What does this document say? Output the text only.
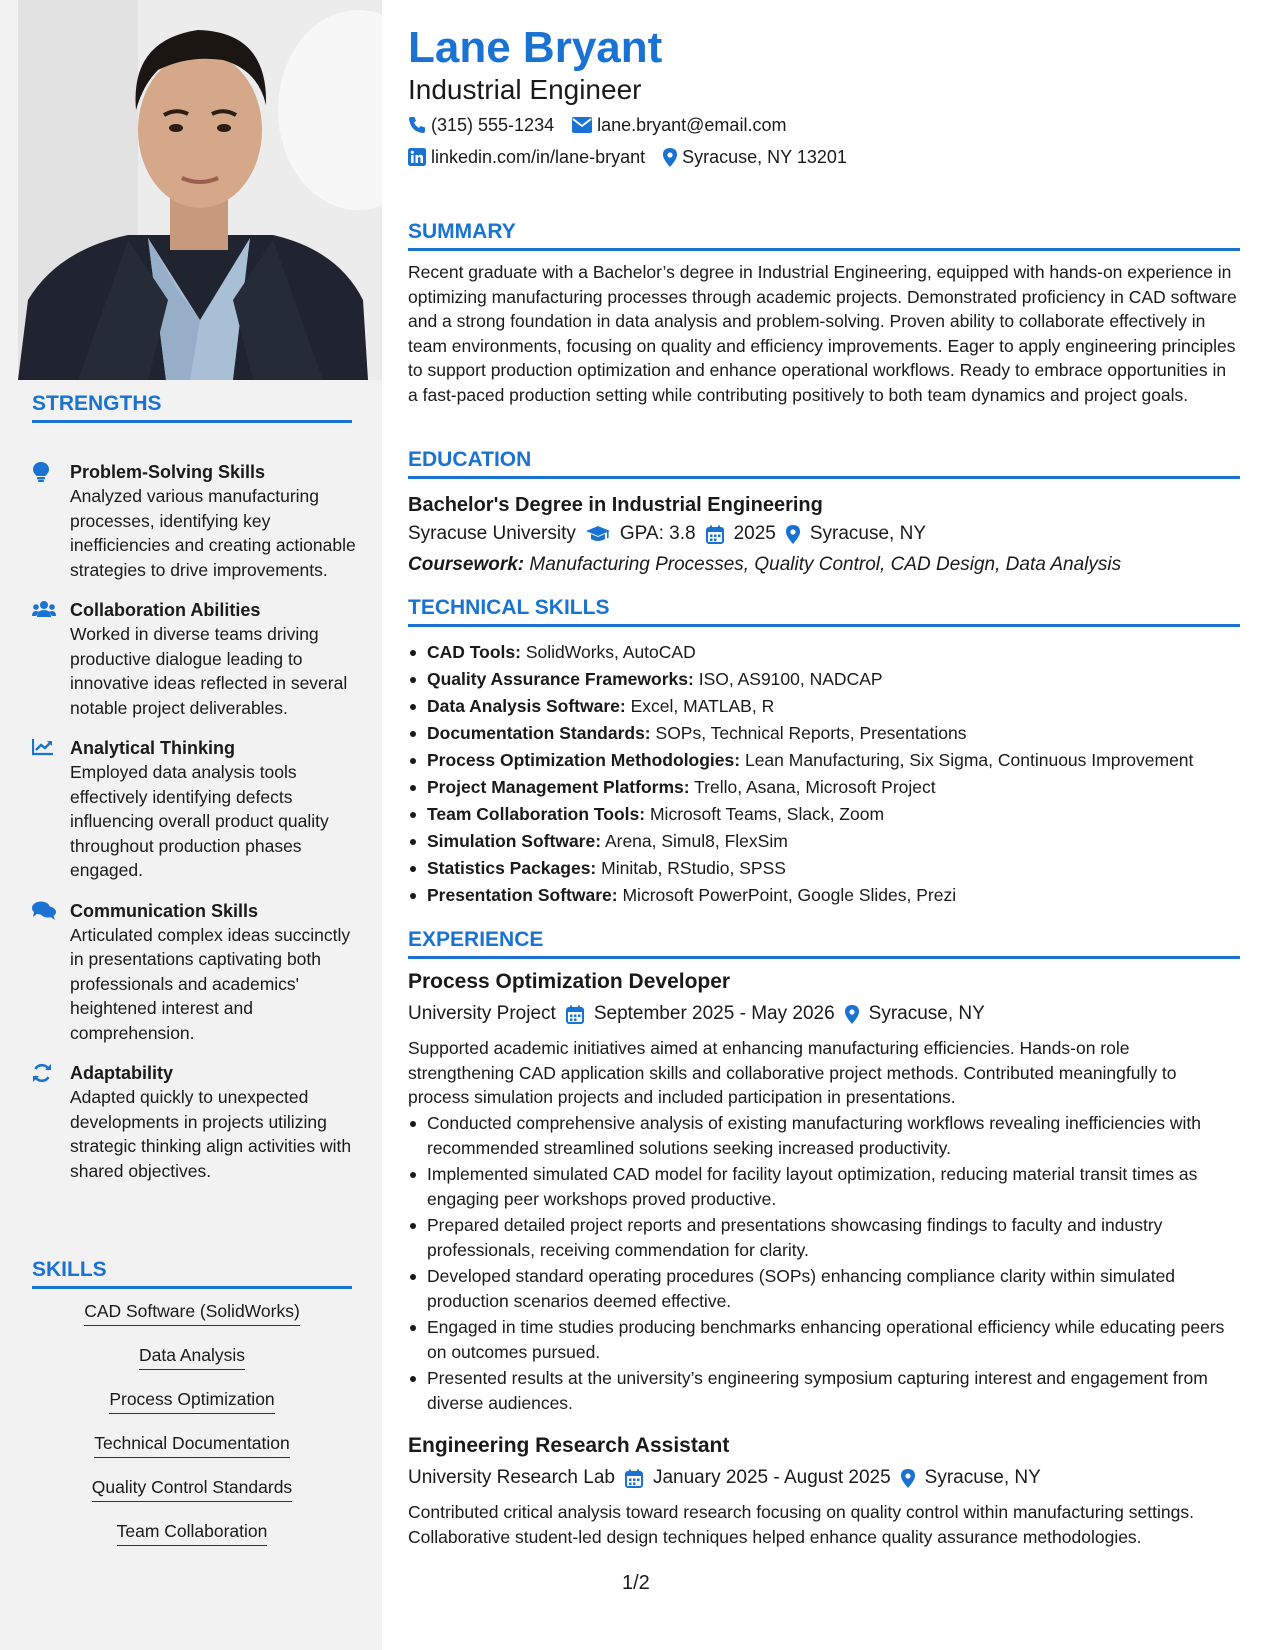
STRENGTHS
Problem-Solving Skills
Analyzed various manufacturing processes, identifying key inefficiencies and creating actionable strategies to drive improvements.
Collaboration Abilities
Worked in diverse teams driving productive dialogue leading to innovative ideas reflected in several notable project deliverables.
Analytical Thinking
Employed data analysis tools effectively identifying defects influencing overall product quality throughout production phases engaged.
Communication Skills
Articulated complex ideas succinctly in presentations captivating both professionals and academics' heightened interest and comprehension.
Adaptability
Adapted quickly to unexpected developments in projects utilizing strategic thinking align activities with shared objectives.
SKILLS
CAD Software (SolidWorks)
Data Analysis
Process Optimization
Technical Documentation
Quality Control Standards
Team Collaboration
Lane Bryant
Industrial Engineer
(315) 555-1234 lane.bryant@email.com
linkedin.com/in/lane-bryant Syracuse, NY 13201
SUMMARY
Recent graduate with a Bachelor’s degree in Industrial Engineering, equipped with hands-on experience in optimizing manufacturing processes through academic projects. Demonstrated proficiency in CAD software and a strong foundation in data analysis and problem-solving. Proven ability to collaborate effectively in team environments, focusing on quality and efficiency improvements. Eager to apply engineering principles to support production optimization and enhance operational workflows. Ready to embrace opportunities in a fast-paced production setting while contributing positively to both team dynamics and project goals.
EDUCATION
Bachelor's Degree in Industrial Engineering
Syracuse University GPA: 3.8 2025 Syracuse, NY
Coursework: Manufacturing Processes, Quality Control, CAD Design, Data Analysis
TECHNICAL SKILLS
CAD Tools: SolidWorks, AutoCAD
Quality Assurance Frameworks: ISO, AS9100, NADCAP
Data Analysis Software: Excel, MATLAB, R
Documentation Standards: SOPs, Technical Reports, Presentations
Process Optimization Methodologies: Lean Manufacturing, Six Sigma, Continuous Improvement
Project Management Platforms: Trello, Asana, Microsoft Project
Team Collaboration Tools: Microsoft Teams, Slack, Zoom
Simulation Software: Arena, Simul8, FlexSim
Statistics Packages: Minitab, RStudio, SPSS
Presentation Software: Microsoft PowerPoint, Google Slides, Prezi
EXPERIENCE
Process Optimization Developer
University Project September 2025 - May 2026 Syracuse, NY
Supported academic initiatives aimed at enhancing manufacturing efficiencies. Hands-on role strengthening CAD application skills and collaborative project methods. Contributed meaningfully to process simulation projects and included participation in presentations.
Conducted comprehensive analysis of existing manufacturing workflows revealing inefficiencies with recommended streamlined solutions seeking increased productivity.
Implemented simulated CAD model for facility layout optimization, reducing material transit times as engaging peer workshops proved productive.
Prepared detailed project reports and presentations showcasing findings to faculty and industry professionals, receiving commendation for clarity.
Developed standard operating procedures (SOPs) enhancing compliance clarity within simulated production scenarios deemed effective.
Engaged in time studies producing benchmarks enhancing operational efficiency while educating peers on outcomes pursued.
Presented results at the university’s engineering symposium capturing interest and engagement from diverse audiences.
Engineering Research Assistant
University Research Lab January 2025 - August 2025 Syracuse, NY
Contributed critical analysis toward research focusing on quality control within manufacturing settings. Collaborative student-led design techniques helped enhance quality assurance methodologies.
1/2
